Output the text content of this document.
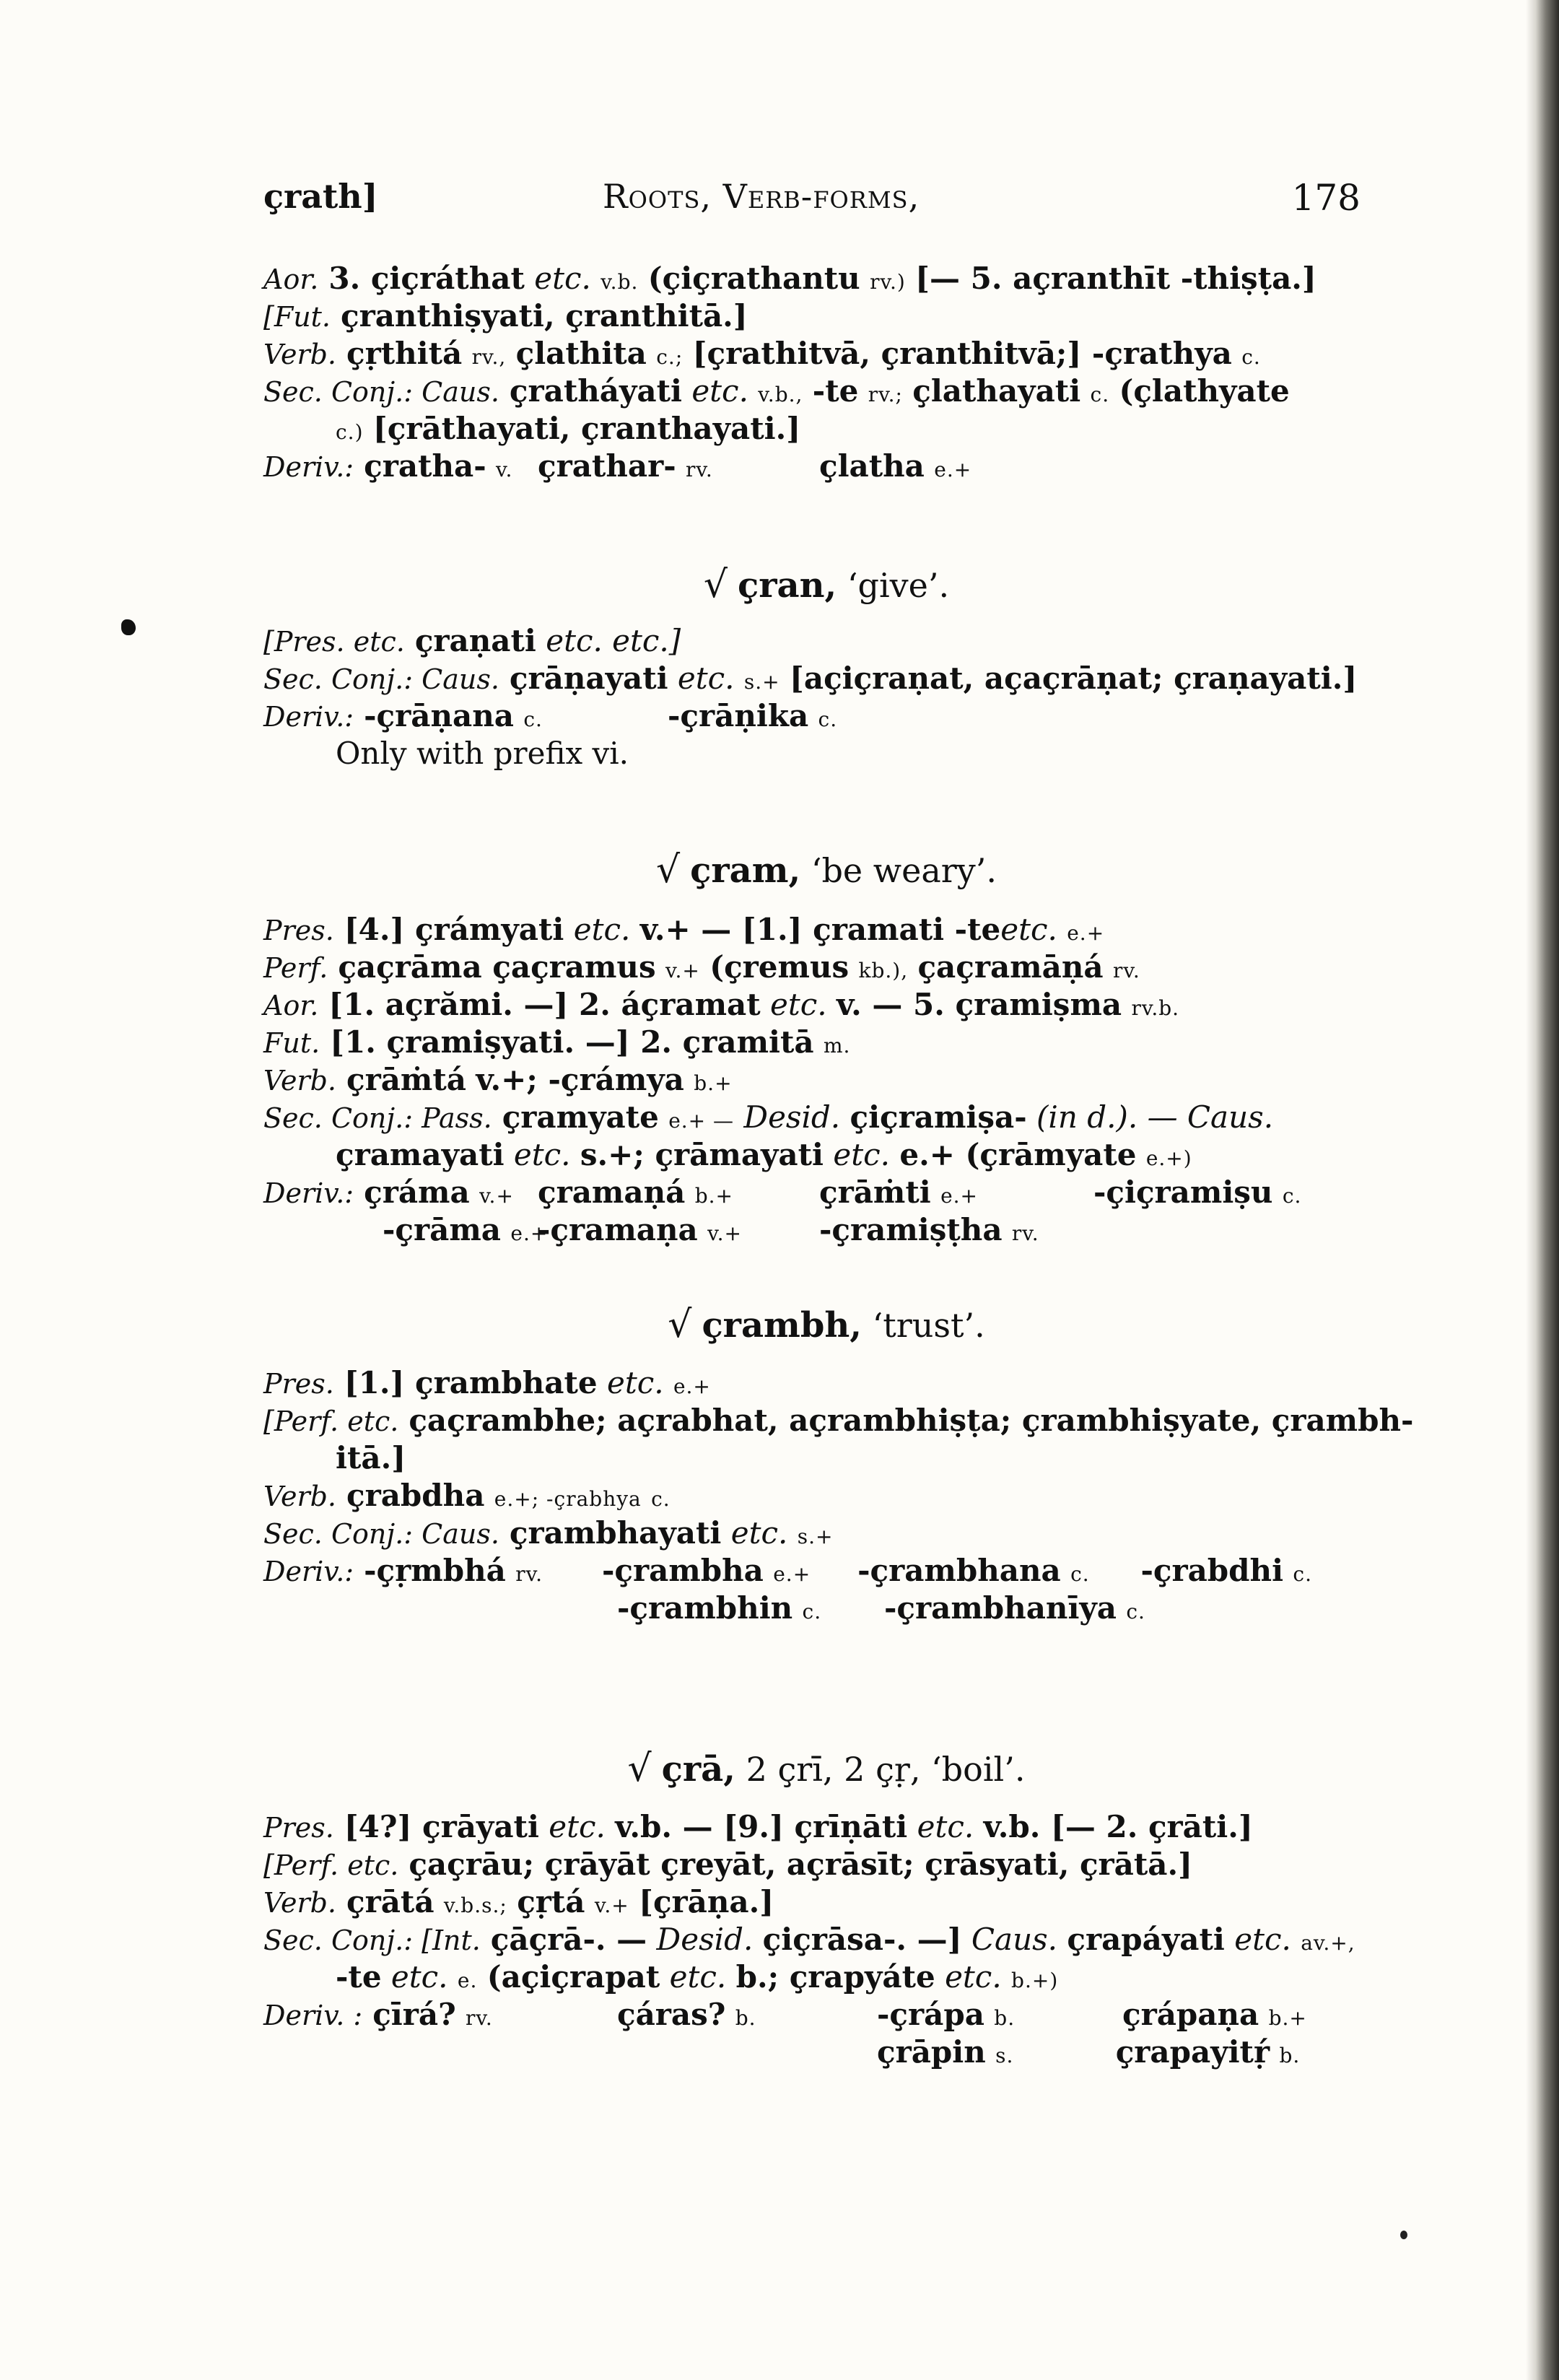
çrath]	Roots, Verb-forms,	178
Aor. 3. çiçráthat etc. v.b. (çiçrathantu rv.) [— 5. açranthīt -thiṣṭa.]
[Fut. çranthiṣyati, çranthitā.]
Verb. çṛthitá rv., çlathita c.; [çrathitvā, çranthitvā;] -çrathya c.
Sec. Conj.: Caus. çratháyati etc. v.b., -te rv.; çlathayati c. (çlathyate
c.) [çrāthayati, çranthayati.]
Deriv.: çratha- v. çrathar- rv.	çlatha e.+
√ çran, ‘give’.
[Pres. etc. çraṇati etc. etc.]
Sec. Conj.: Caus. çrāṇayati etc. s.+ [açiçraṇat, açaçrāṇat; çraṇayati.]
Deriv.: -çrāṇana c.	-çrāṇika c.
Only with prefix vi.
√ çram, ‘be weary’.
Pres. [4.] çrámyati etc. v.+ — [1.] çramati -teetc. e.+
Perf. çaçrāma çaçramus v.+ (çremus kb.), çaçramāṇá rv.
Aor. [1. açrămi. —] 2. áçramat etc. v. — 5. çramiṣma rv.b.
Fut. [1. çramiṣyati. —] 2. çramitā m.
Verb. çrāṁtá v.+; -çrámya b.+
Sec. Conj.: Pass. çramyate e.+ — Desid. çiçramiṣa- (in d.). — Caus.
çramayati etc. s.+; çrāmayati etc. e.+ (çrāmyate e.+)
Deriv.: çráma v.+ çramaṇá b.+	çrāṁti e.+	-çiçramiṣu c.
-çrāma e.+
-çramaṇa v.+	-çramiṣṭha rv.
√ çrambh, ‘trust’.
Pres. [1.] çrambhate etc. e.+
[Perf. etc. çaçrambhe; açrabhat, açrambhiṣṭa; çrambhiṣyate, çrambh-
itā.]
Verb. çrabdha e.+; -çrabhya c.
Sec. Conj.: Caus. çrambhayati etc. s.+
Deriv.: -çṛmbhá rv.	-çrambha e.+	-çrambhana c.	-çrabdhi c.
-çrambhin c.	-çrambhanīya c.
√ çrā, 2 çrī, 2 çṛ, ‘boil’.
Pres. [4?] çrāyati etc. v.b. — [9.] çrīṇāti etc. v.b. [— 2. çrāti.]
[Perf. etc. çaçrāu; çrāyāt çreyāt, açrāsīt; çrāsyati, çrātā.]
Verb. çrātá v.b.s.; çṛtá v.+ [çrāṇa.]
Sec. Conj.: [Int. çāçrā-. — Desid. çiçrāsa-. —] Caus. çrapáyati etc. av.+,
-te etc. e. (açiçrapat etc. b.; çrapyáte etc. b.+)
Deriv. : çīrá? rv.	çáras? b.	-çrápa b.	çrápaṇa b.+
çrāpin s.	çrapayitṛ́ b.
